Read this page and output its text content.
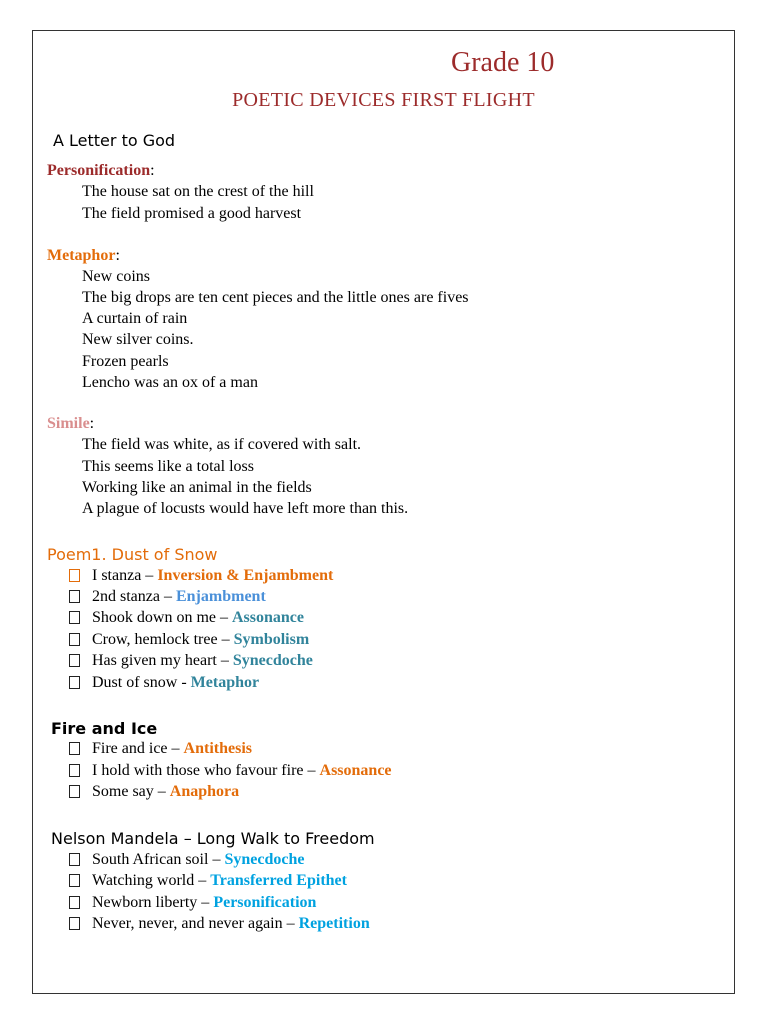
Grade 10
POETIC DEVICES FIRST FLIGHT
A Letter to God
Personification:
The house sat on the crest of the hill
The field promised a good harvest
Metaphor:
New coins
The big drops are ten cent pieces and the little ones are fives
A curtain of rain
New silver coins.
Frozen pearls
Lencho was an ox of a man
Simile:
The field was white, as if covered with salt.
This seems like a total loss
Working like an animal in the fields
A plague of locusts would have left more than this.
Poem1. Dust of Snow
I stanza – Inversion & Enjambment
2nd stanza – Enjambment
Shook down on me – Assonance
Crow, hemlock tree – Symbolism
Has given my heart – Synecdoche
Dust of snow - Metaphor
Fire and Ice
Fire and ice – Antithesis
I hold with those who favour fire – Assonance
Some say – Anaphora
Nelson Mandela – Long Walk to Freedom
South African soil – Synecdoche
Watching world – Transferred Epithet
Newborn liberty – Personification
Never, never, and never again – Repetition
